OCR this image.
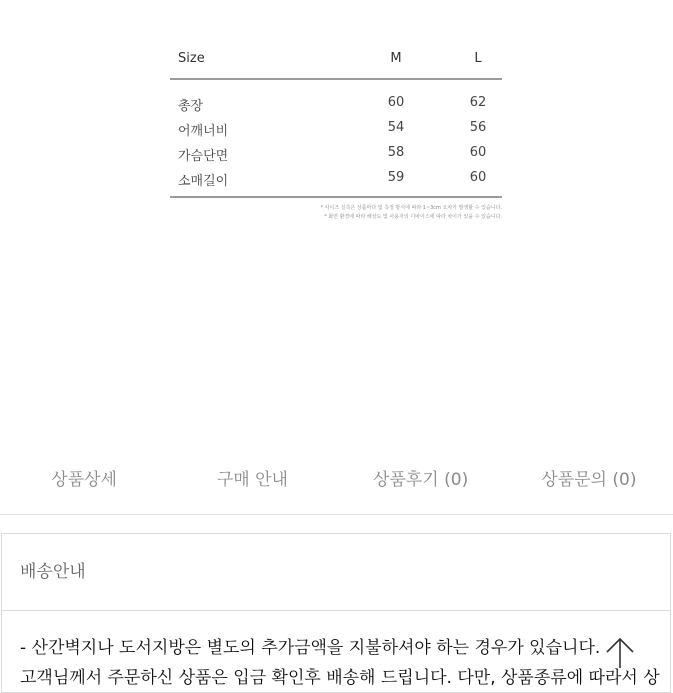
Size	M	L
총장	60	62
어깨너비	54	56
가슴단면	58	60
소매길이	59	60
* 사이즈 실측은 상품마다 및 측정 방식에 따라 1~3cm 오차가 발생할 수 있습니다.
* 화면 환경에 따라 해상도 및 사용자의 디바이스에 따라 차이가 있을 수 있습니다.
상품상세	구매 안내	상품후기 (0)	상품문의 (0)
배송안내
- 산간벽지나 도서지방은 별도의 추가금액을 지불하셔야 하는 경우가 있습니다.
고객님께서 주문하신 상품은 입금 확인후 배송해 드립니다. 다만, 상품종류에 따라서 상
